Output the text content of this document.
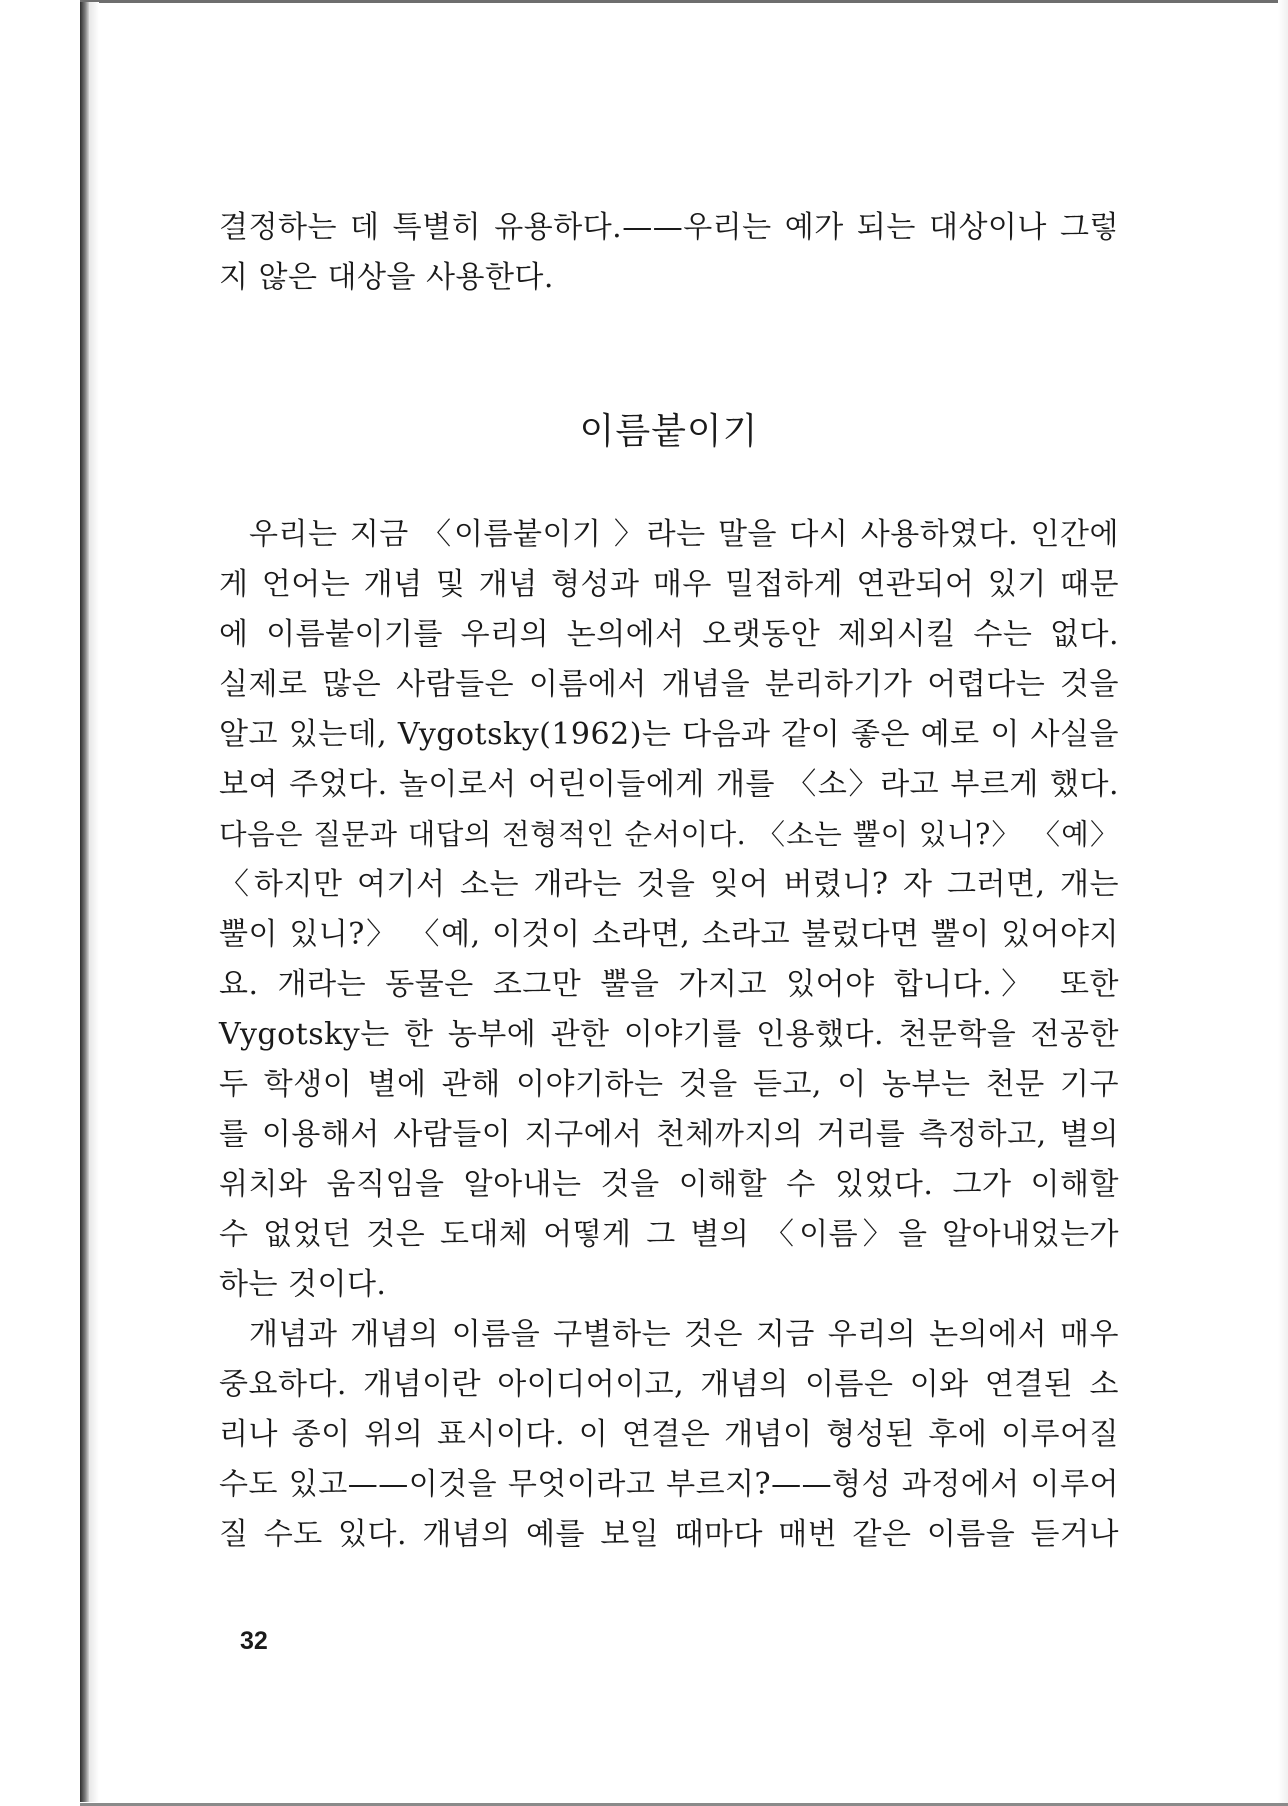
결정하는 데 특별히 유용하다.——우리는 예가 되는 대상이나 그렇
지 않은 대상을 사용한다.
이름붙이기
우리는 지금 〈이름붙이기 〉라는 말을 다시 사용하였다. 인간에
게 언어는 개념 및 개념 형성과 매우 밀접하게 연관되어 있기 때문
에 이름붙이기를 우리의 논의에서 오랫동안 제외시킬 수는 없다.
실제로 많은 사람들은 이름에서 개념을 분리하기가 어렵다는 것을
알고 있는데, Vygotsky(1962)는 다음과 같이 좋은 예로 이 사실을
보여 주었다. 놀이로서 어린이들에게 개를 〈소〉라고 부르게 했다.
다음은 질문과 대답의 전형적인 순서이다. 〈소는 뿔이 있니?〉 〈예〉
〈하지만 여기서 소는 개라는 것을 잊어 버렸니? 자 그러면, 개는
뿔이 있니?〉 〈예, 이것이 소라면, 소라고 불렀다면 뿔이 있어야지
요. 개라는 동물은 조그만 뿔을 가지고 있어야 합니다.〉 또한
Vygotsky는 한 농부에 관한 이야기를 인용했다. 천문학을 전공한
두 학생이 별에 관해 이야기하는 것을 듣고, 이 농부는 천문 기구
를 이용해서 사람들이 지구에서 천체까지의 거리를 측정하고, 별의
위치와 움직임을 알아내는 것을 이해할 수 있었다. 그가 이해할
수 없었던 것은 도대체 어떻게 그 별의 〈이름〉을 알아내었는가
하는 것이다.
개념과 개념의 이름을 구별하는 것은 지금 우리의 논의에서 매우
중요하다. 개념이란 아이디어이고, 개념의 이름은 이와 연결된 소
리나 종이 위의 표시이다. 이 연결은 개념이 형성된 후에 이루어질
수도 있고——이것을 무엇이라고 부르지?——형성 과정에서 이루어
질 수도 있다. 개념의 예를 보일 때마다 매번 같은 이름을 듣거나
32
